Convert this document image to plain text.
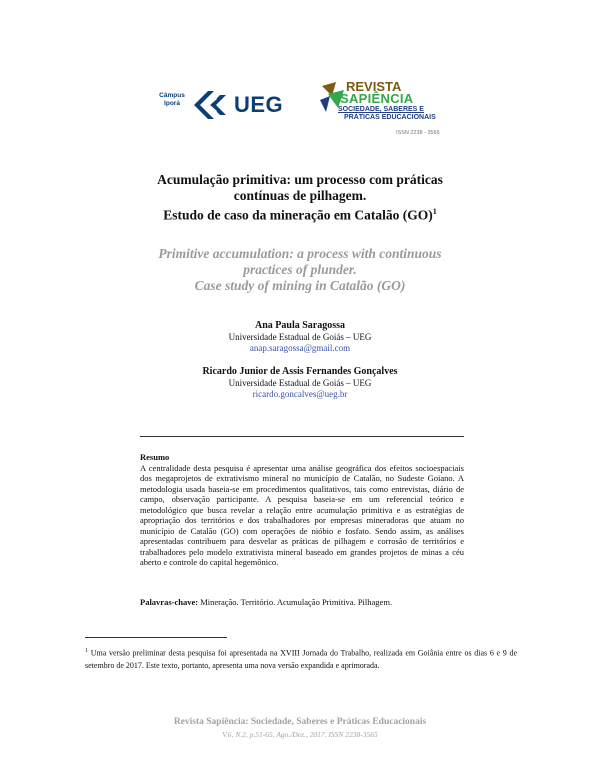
Câmpus
Iporá	UEG
REVISTA
SAPIÊNCIA
SOCIEDADE, SABERES E
PRÁTICAS EDUCACIONAIS
ISSN 2238 - 3565
Acumulação primitiva: um processo com práticas
contínuas de pilhagem.
Estudo de caso da mineração em Catalão (GO)$^1$
Primitive accumulation: a process with continuous
practices of plunder.
Case study of mining in Catalão (GO)
Ana Paula Saragossa
Universidade Estadual de Goiás – UEG
anap.saragossa@gmail.com
Ricardo Junior de Assis Fernandes Gonçalves
Universidade Estadual de Goiás – UEG
ricardo.goncalves@ueg.br
Resumo
A centralidade desta pesquisa é apresentar uma análise geográfica dos efeitos socioespaciais dos megaprojetos de extrativismo mineral no município de Catalão, no Sudeste Goiano. A metodologia usada baseia-se em procedimentos qualitativos, tais como entrevistas, diário de campo, observação participante. A pesquisa baseia-se em um referencial teórico e metodológico que busca revelar a relação entre acumulação primitiva e as estratégias de apropriação dos territórios e dos trabalhadores por empresas mineradoras que atuam no município de Catalão (GO) com operações de nióbio e fosfato. Sendo assim, as análises apresentadas contribuem para desvelar as práticas de pilhagem e corrosão de territórios e trabalhadores pelo modelo extrativista mineral baseado em grandes projetos de minas a céu aberto e controle do capital hegemônico.
Palavras-chave: Mineração. Território. Acumulação Primitiva. Pilhagem.
$^1$ Uma versão preliminar desta pesquisa foi apresentada na XVIII Jornada do Trabalho, realizada em Goiânia entre os dias 6 e 9 de setembro de 2017. Este texto, portanto, apresenta uma nova versão expandida e aprimorada.
Revista Sapiência: Sociedade, Saberes e Práticas Educacionais
V.6, N.2, p.51-65, Ago./Dez., 2017. ISSN 2238-3565
